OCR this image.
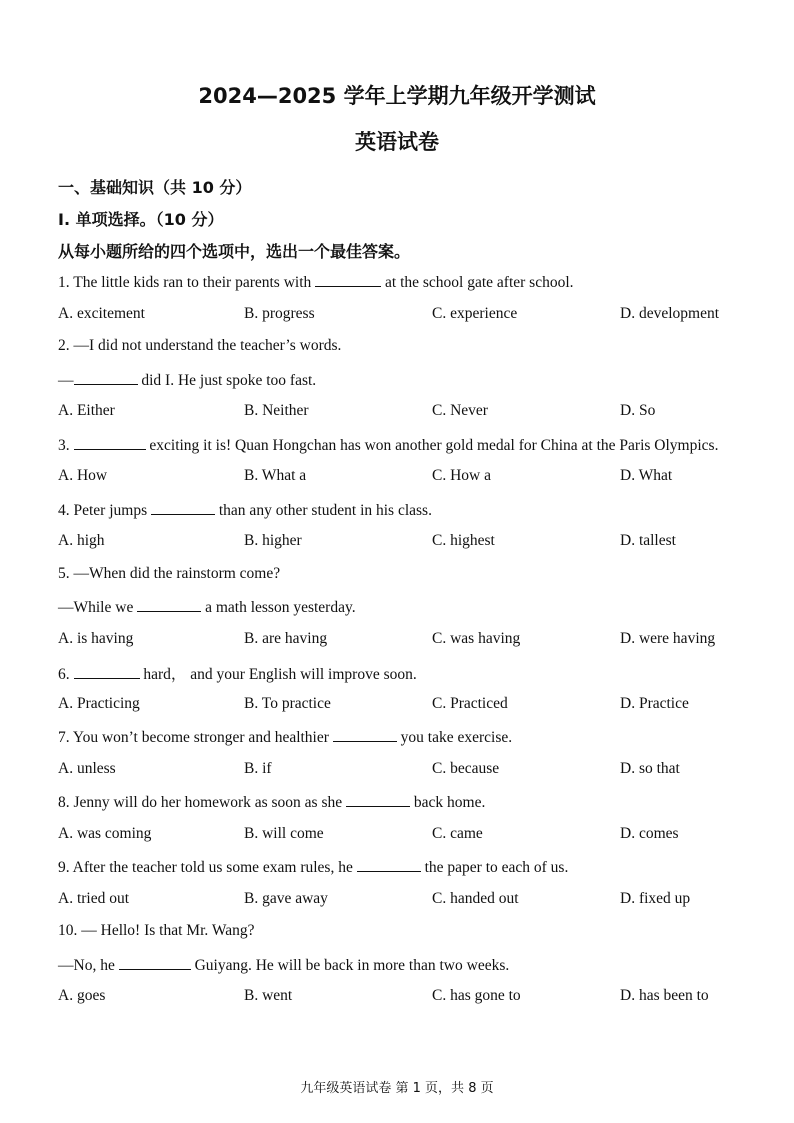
2024—2025 学年上学期九年级开学测试
英语试卷
一、基础知识（共 10 分）
I. 单项选择。（10 分）
从每小题所给的四个选项中，选出一个最佳答案。
1. The little kids ran to their parents with	at the school gate after school.
A. excitement	B. progress	C. experience	D. development
2. —I did not understand the teacher’s words.
—	did I. He just spoke too fast.
A. Either	B. Neither	C. Never	D. So
3.	exciting it is! Quan Hongchan has won another gold medal for China at the Paris Olympics.
A. How	B. What a	C. How a	D. What
4. Peter jumps	than any other student in his class.
A. high	B. higher	C. highest	D. tallest
5. —When did the rainstorm come?
—While we	a math lesson yesterday.
A. is having	B. are having	C. was having	D. were having
6.	hard， and your English will improve soon.
A. Practicing	B. To practice	C. Practiced	D. Practice
7. You won’t become stronger and healthier	you take exercise.
A. unless	B. if	C. because	D. so that
8. Jenny will do her homework as soon as she	back home.
A. was coming	B. will come	C. came	D. comes
9. After the teacher told us some exam rules, he	the paper to each of us.
A. tried out	B. gave away	C. handed out	D. fixed up
10. — Hello! Is that Mr. Wang?
—No, he	Guiyang. He will be back in more than two weeks.
A. goes	B. went	C. has gone to	D. has been to
九年级英语试卷 第 1 页，共 8 页
